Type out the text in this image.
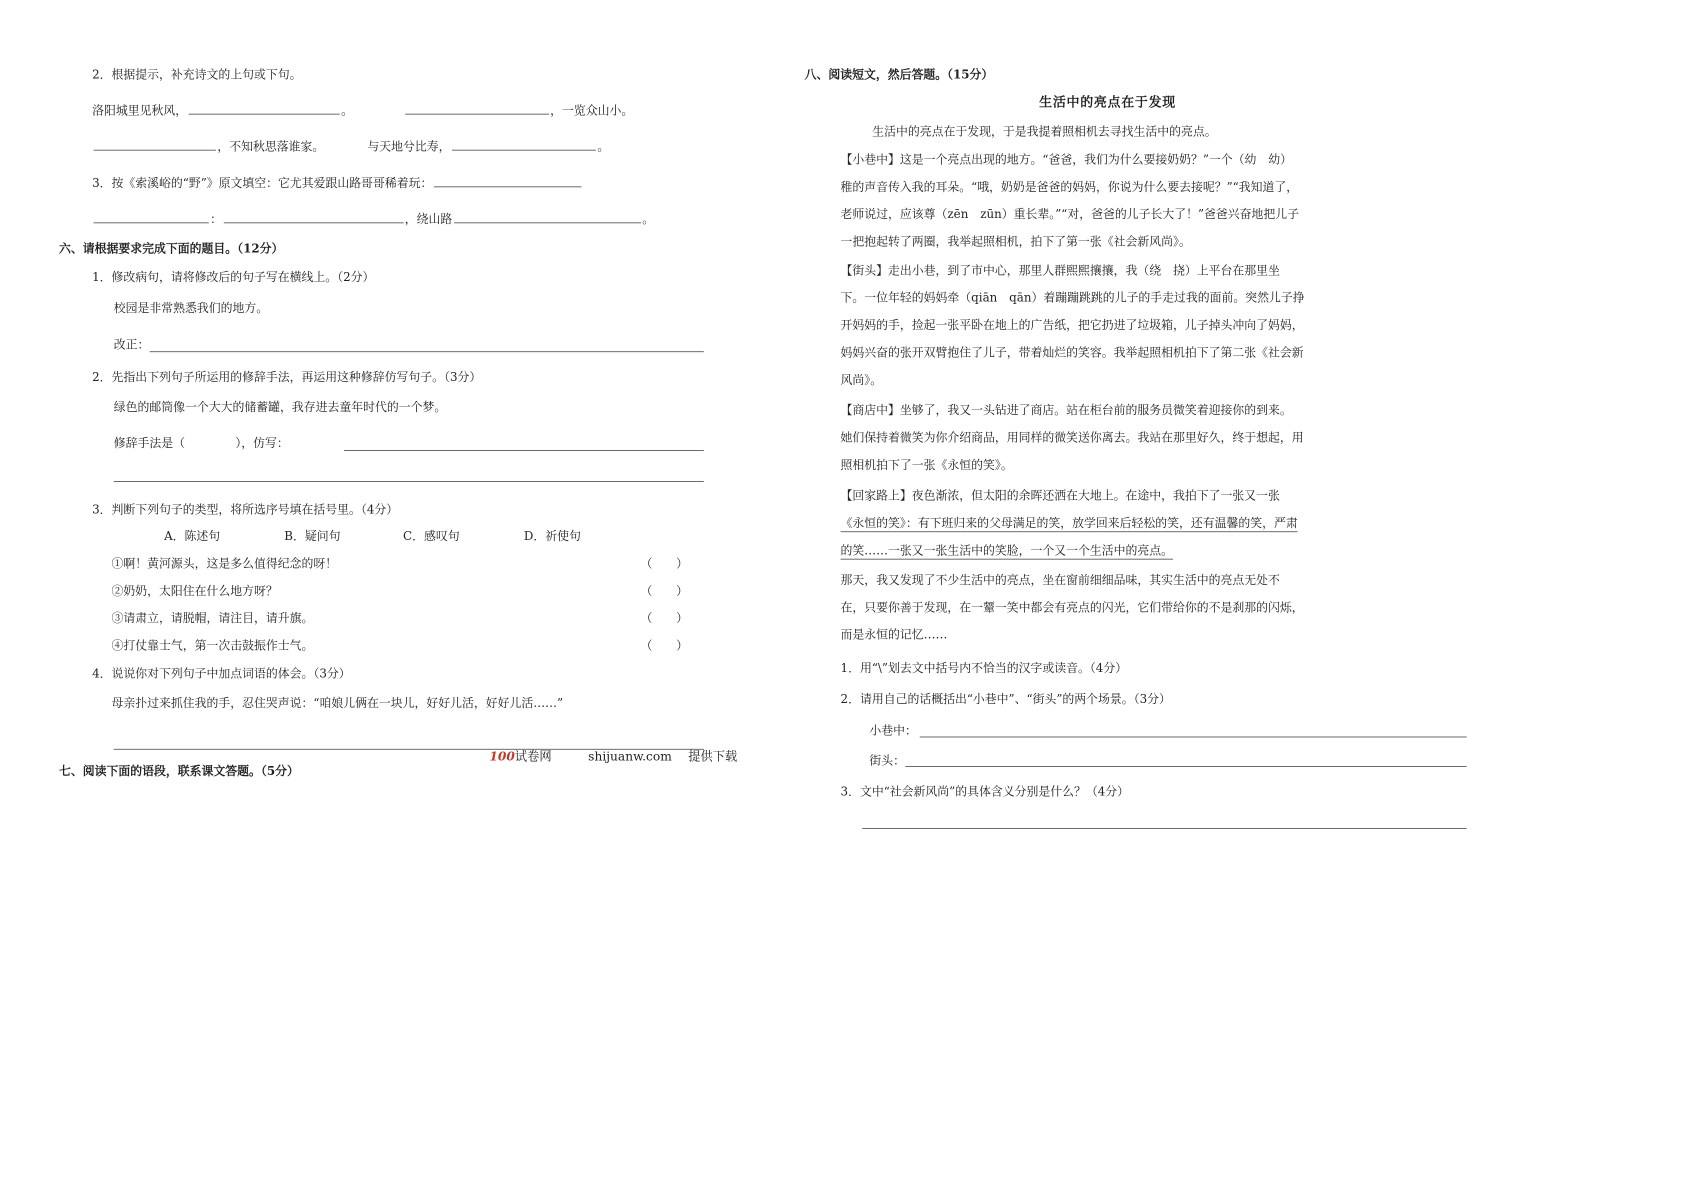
2．根据提示，补充诗文的上句或下句。
洛阳城里见秋风，	。	，一览众山小。
，不知秋思落谁家。	与天地兮比寿，	。
3．按《索溪峪的“野”》原文填空：它尤其爱跟山路哥哥稀着玩：
：	，绕山路	。
六、请根据要求完成下面的题目。（12分）
1．修改病句，请将修改后的句子写在横线上。（2分）
校园是非常熟悉我们的地方。
改正：
2．先指出下列句子所运用的修辞手法，再运用这种修辞仿写句子。（3分）
绿色的邮筒像一个大大的储蓄罐，我存进去童年时代的一个梦。
修辞手法是（	），仿写：
3．判断下列句子的类型，将所选序号填在括号里。（4分）
A．陈述句	B．疑问句	C．感叹句	D．祈使句
①啊！黄河源头，这是多么值得纪念的呀！	（　　）
②奶奶，太阳住在什么地方呀？	（　　）
③请肃立，请脱帽，请注目，请升旗。	（　　）
④打仗靠士气，第一次击鼓振作士气。	（　　）
4．说说你对下列句子中加点词语的体会。（3分）
母亲扑过来抓住我的手，忍住哭声说：“咱娘儿俩在一块儿，好好儿活，好好儿活……”
七、阅读下面的语段，联系课文答题。（5分）
八、阅读短文，然后答题。（15分）
生活中的亮点在于发现
生活中的亮点在于发现，于是我提着照相机去寻找生活中的亮点。
【小巷中】这是一个亮点出现的地方。“爸爸，我们为什么要接奶奶？”一个（幼　幼）
稚的声音传入我的耳朵。“哦，奶奶是爸爸的妈妈，你说为什么要去接呢？”“我知道了，
老师说过，应该尊（zēn　zūn）重长辈。”“对，爸爸的儿子长大了！”爸爸兴奋地把儿子
一把抱起转了两圈，我举起照相机，拍下了第一张《社会新风尚》。
【街头】走出小巷，到了市中心，那里人群熙熙攘攘，我（绕　挠）上平台在那里坐
下。一位年轻的妈妈牵（qiān　qān）着蹦蹦跳跳的儿子的手走过我的面前。突然儿子挣
开妈妈的手，捡起一张平卧在地上的广告纸，把它扔进了垃圾箱，儿子掉头冲向了妈妈，
妈妈兴奋的张开双臂抱住了儿子，带着灿烂的笑容。我举起照相机拍下了第二张《社会新
风尚》。
【商店中】坐够了，我又一头钻进了商店。站在柜台前的服务员微笑着迎接你的到来。
她们保持着微笑为你介绍商品，用同样的微笑送你离去。我站在那里好久，终于想起，用
照相机拍下了一张《永恒的笑》。
【回家路上】夜色渐浓，但太阳的余晖还洒在大地上。在途中，我拍下了一张又一张
《永恒的笑》：有下班归来的父母满足的笑，放学回来后轻松的笑，还有温馨的笑，严肃
的笑……一张又一张生活中的笑脸，一个又一个生活中的亮点。
那天，我又发现了不少生活中的亮点，坐在窗前细细品味，其实生活中的亮点无处不
在，只要你善于发现，在一颦一笑中都会有亮点的闪光，它们带给你的不是刹那的闪烁，
而是永恒的记忆……
1．用“\”划去文中括号内不恰当的汉字或读音。（4分）
2．请用自己的话概括出“小巷中”、“街头”的两个场景。（3分）
小巷中：
街头：
3．文中“社会新风尚”的具体含义分别是什么？（4分）
100试卷网 shijuanw.com 提供下载
